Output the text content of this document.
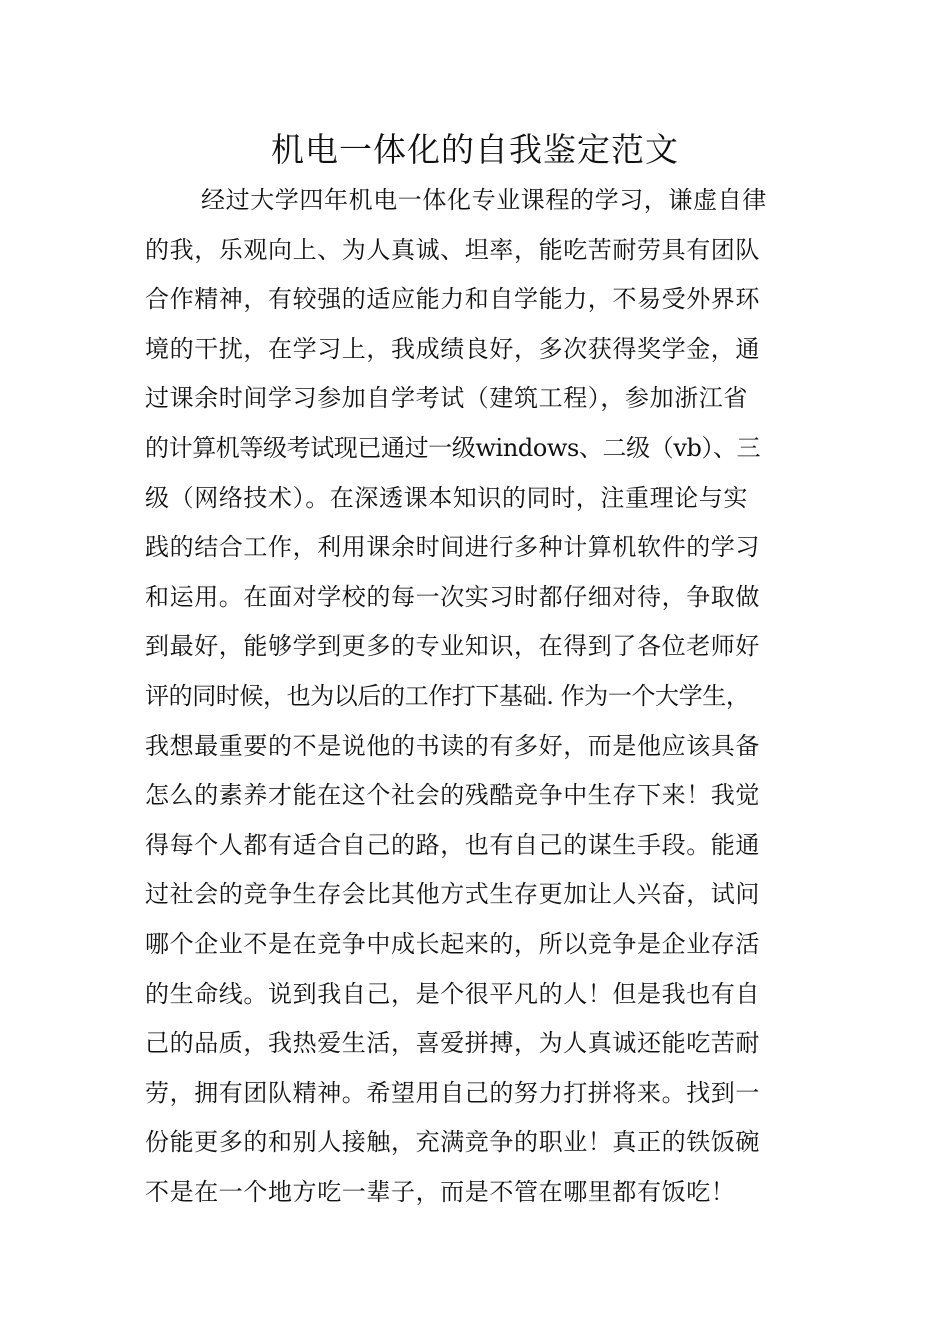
机电一体化的自我鉴定范文
经过大学四年机电一体化专业课程的学习，谦虚自律
的我，乐观向上、为人真诚、坦率，能吃苦耐劳具有团队
合作精神，有较强的适应能力和自学能力，不易受外界环
境的干扰，在学习上，我成绩良好，多次获得奖学金，通
过课余时间学习参加自学考试（建筑工程），参加浙江省
的计算机等级考试现已通过一级windows、二级（vb）、三
级（网络技术）。在深透课本知识的同时，注重理论与实
践的结合工作，利用课余时间进行多种计算机软件的学习
和运用。在面对学校的每一次实习时都仔细对待，争取做
到最好，能够学到更多的专业知识，在得到了各位老师好
评的同时候，也为以后的工作打下基础. 作为一个大学生，
我想最重要的不是说他的书读的有多好，而是他应该具备
怎么的素养才能在这个社会的残酷竞争中生存下来！我觉
得每个人都有适合自己的路，也有自己的谋生手段。能通
过社会的竞争生存会比其他方式生存更加让人兴奋，试问
哪个企业不是在竞争中成长起来的，所以竞争是企业存活
的生命线。说到我自己，是个很平凡的人！但是我也有自
己的品质，我热爱生活，喜爱拼搏，为人真诚还能吃苦耐
劳，拥有团队精神。希望用自己的努力打拼将来。找到一
份能更多的和别人接触，充满竞争的职业！真正的铁饭碗
不是在一个地方吃一辈子，而是不管在哪里都有饭吃！
